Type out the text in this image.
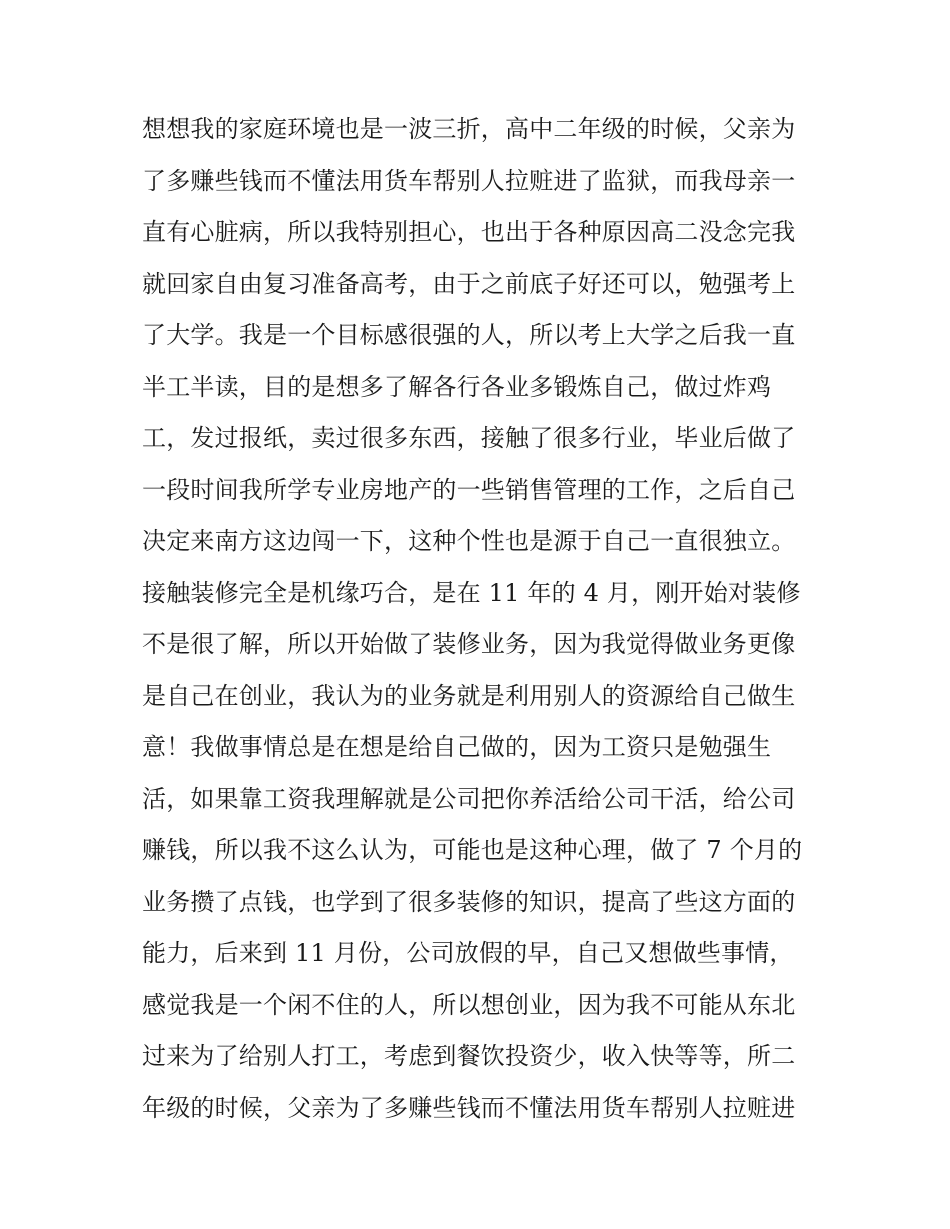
想想我的家庭环境也是一波三折，高中二年级的时候，父亲为
了多赚些钱而不懂法用货车帮别人拉赃进了监狱，而我母亲一
直有心脏病，所以我特别担心，也出于各种原因高二没念完我
就回家自由复习准备高考，由于之前底子好还可以，勉强考上
了大学。我是一个目标感很强的人，所以考上大学之后我一直
半工半读，目的是想多了解各行各业多锻炼自己，做过炸鸡
工，发过报纸，卖过很多东西，接触了很多行业，毕业后做了
一段时间我所学专业房地产的一些销售管理的工作，之后自己
决定来南方这边闯一下，这种个性也是源于自己一直很独立。
接触装修完全是机缘巧合，是在 11 年的 4 月，刚开始对装修
不是很了解，所以开始做了装修业务，因为我觉得做业务更像
是自己在创业，我认为的业务就是利用别人的资源给自己做生
意！我做事情总是在想是给自己做的，因为工资只是勉强生
活，如果靠工资我理解就是公司把你养活给公司干活，给公司
赚钱，所以我不这么认为，可能也是这种心理，做了 7 个月的
业务攒了点钱，也学到了很多装修的知识，提高了些这方面的
能力，后来到 11 月份，公司放假的早，自己又想做些事情，
感觉我是一个闲不住的人，所以想创业，因为我不可能从东北
过来为了给别人打工，考虑到餐饮投资少，收入快等等，所二
年级的时候，父亲为了多赚些钱而不懂法用货车帮别人拉赃进
